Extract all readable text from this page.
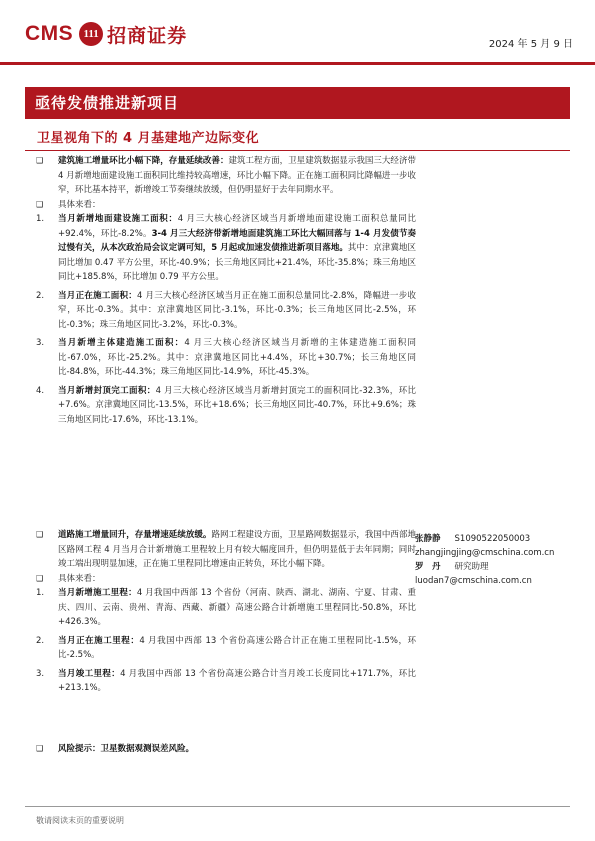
CMS 111 招商证券	2024 年 5 月 9 日
亟待发债推进新项目
卫星视角下的 4 月基建地产边际变化
❑ 建筑施工增量环比小幅下降，存量延续改善：建筑工程方面，卫星建筑数据显示我国三大经济带 4 月新增地面建设施工面积同比维持较高增速，环比小幅下降。正在施工面积同比降幅进一步收窄，环比基本持平，新增竣工节奏继续放缓，但仍明显好于去年同期水平。
❑ 具体来看：
1. 当月新增地面建设施工面积：4 月三大核心经济区域当月新增地面建设施工面积总量同比+92.4%，环比-8.2%。3-4 月三大经济带新增地面建筑施工环比大幅回落与 1-4 月发债节奏过慢有关，从本次政治局会议定调可知，5 月起或加速发债推进新项目落地。其中：京津冀地区同比增加 0.47 平方公里，环比-40.9%；长三角地区同比+21.4%，环比-35.8%；珠三角地区同比+185.8%，环比增加 0.79 平方公里。
2. 当月正在施工面积：4 月三大核心经济区域当月正在施工面积总量同比-2.8%，降幅进一步收窄，环比-0.3%。其中：京津冀地区同比-3.1%，环比-0.3%；长三角地区同比-2.5%，环比-0.3%；珠三角地区同比-3.2%，环比-0.3%。
3. 当月新增主体建造施工面积：4 月三大核心经济区域当月新增的主体建造施工面积同比-67.0%，环比-25.2%。其中：京津冀地区同比+4.4%，环比+30.7%；长三角地区同比-84.8%，环比-44.3%；珠三角地区同比-14.9%，环比-45.3%。
4. 当月新增封顶完工面积：4 月三大核心经济区域当月新增封顶完工的面积同比-32.3%，环比+7.6%。京津冀地区同比-13.5%，环比+18.6%；长三角地区同比-40.7%，环比+9.6%；珠三角地区同比-17.6%，环比-13.1%。
❑ 道路施工增量回升，存量增速延续放缓。路网工程建设方面，卫星路网数据显示，我国中西部地区路网工程 4 月当月合计新增施工里程较上月有较大幅度回升，但仍明显低于去年同期；同时竣工端出现明显加速，正在施工里程同比增速由正转负，环比小幅下降。
❑ 具体来看：
1. 当月新增施工里程：4 月我国中西部 13 个省份（河南、陕西、湖北、湖南、宁夏、甘肃、重庆、四川、云南、贵州、青海、西藏、新疆）高速公路合计新增施工里程同比-50.8%，环比+426.3%。
2. 当月正在施工里程：4 月我国中西部 13 个省份高速公路合计正在施工里程同比-1.5%，环比-2.5%。
3. 当月竣工里程：4 月我国中西部 13 个省份高速公路合计当月竣工长度同比+171.7%，环比+213.1%。
❑ 风险提示：卫星数据观测误差风险。
张静静 S1090522050003
zhangjingjing@cmschina.com.cn
罗　丹 研究助理
luodan7@cmschina.com.cn
敬请阅读末页的重要说明
